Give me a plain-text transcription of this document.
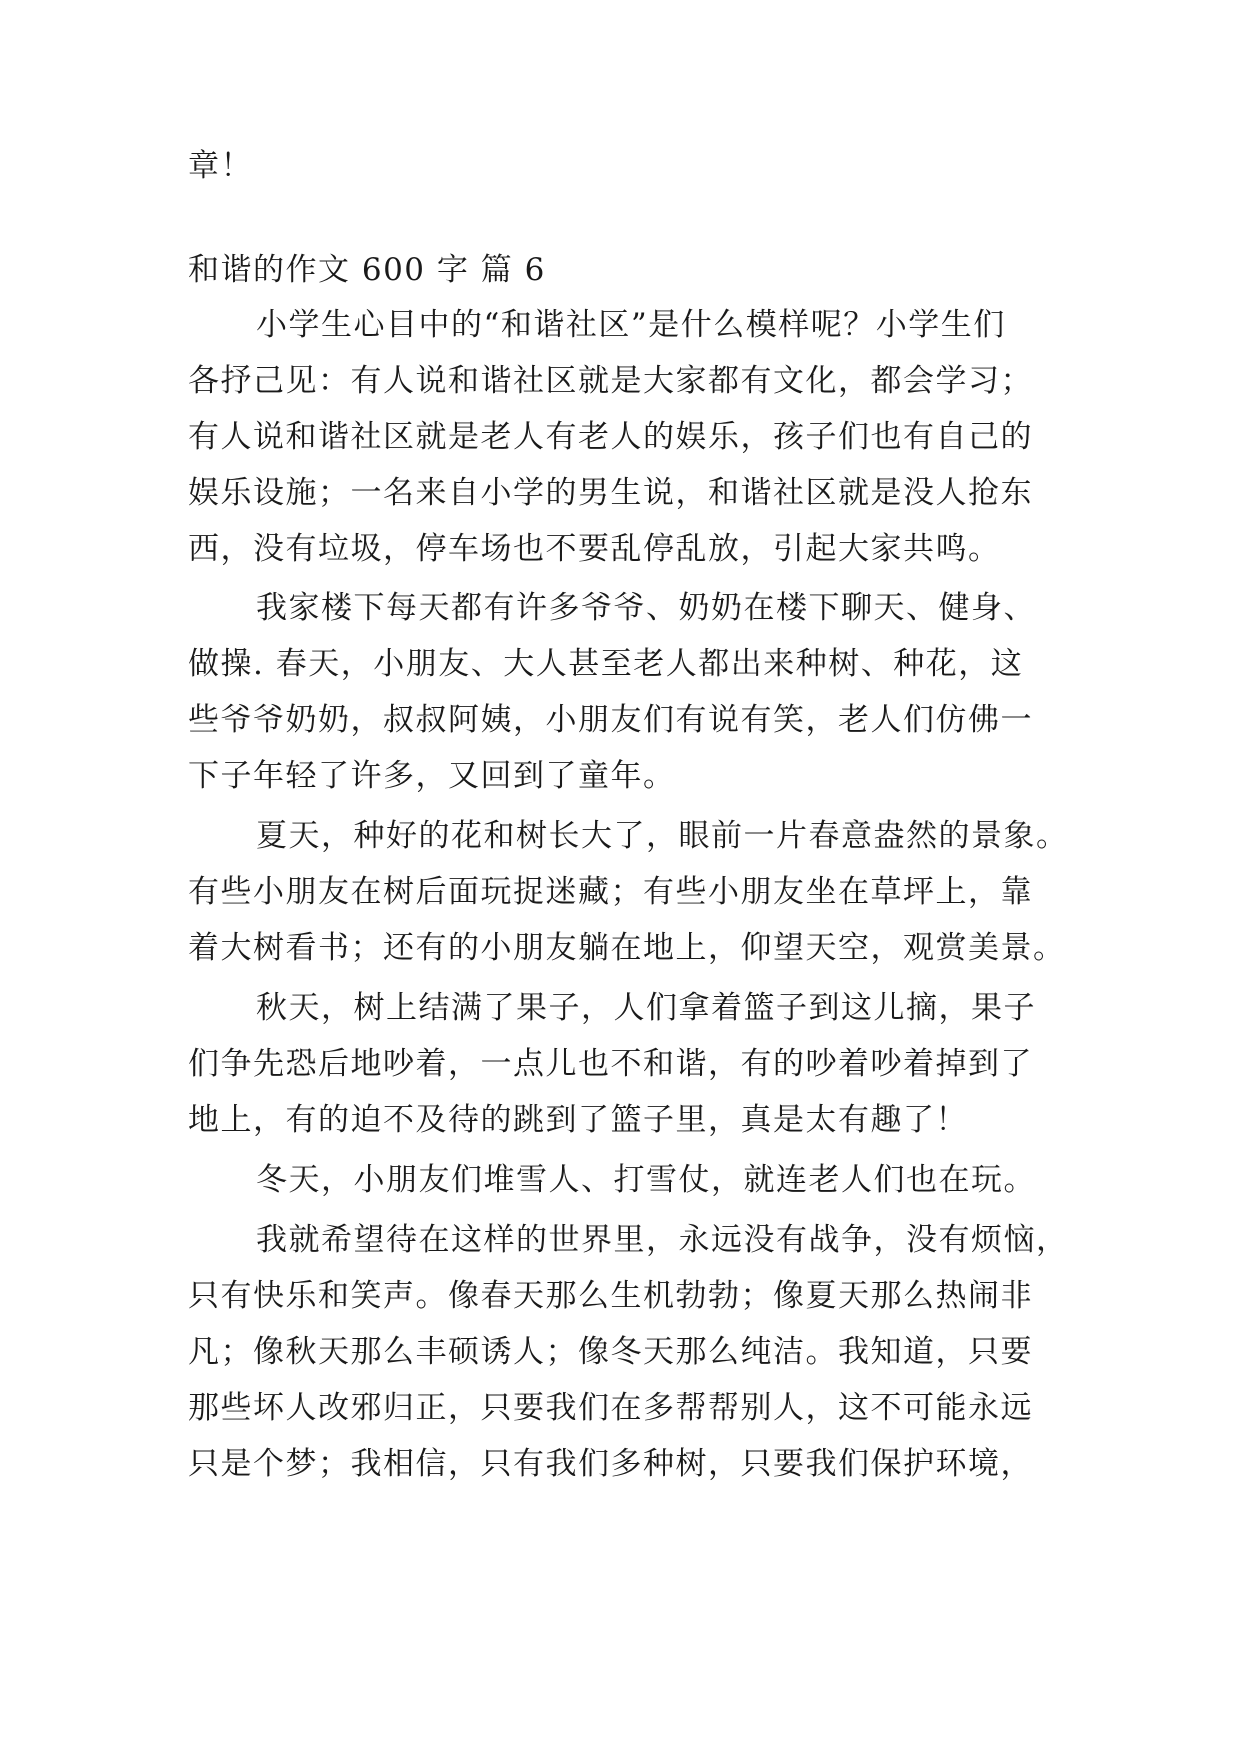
章！
和谐的作文 600 字 篇 6
小学生心目中的“和谐社区”是什么模样呢？小学生们
各抒己见：有人说和谐社区就是大家都有文化，都会学习；
有人说和谐社区就是老人有老人的娱乐，孩子们也有自己的
娱乐设施；一名来自小学的男生说，和谐社区就是没人抢东
西，没有垃圾，停车场也不要乱停乱放，引起大家共鸣。
我家楼下每天都有许多爷爷、奶奶在楼下聊天、健身、
做操. 春天，小朋友、大人甚至老人都出来种树、种花，这
些爷爷奶奶，叔叔阿姨，小朋友们有说有笑，老人们仿佛一
下子年轻了许多，又回到了童年。
夏天，种好的花和树长大了，眼前一片春意盎然的景象。
有些小朋友在树后面玩捉迷藏；有些小朋友坐在草坪上，靠
着大树看书；还有的小朋友躺在地上，仰望天空，观赏美景。
秋天，树上结满了果子，人们拿着篮子到这儿摘，果子
们争先恐后地吵着，一点儿也不和谐，有的吵着吵着掉到了
地上，有的迫不及待的跳到了篮子里，真是太有趣了！
冬天，小朋友们堆雪人、打雪仗，就连老人们也在玩。
我就希望待在这样的世界里，永远没有战争，没有烦恼，
只有快乐和笑声。像春天那么生机勃勃；像夏天那么热闹非
凡；像秋天那么丰硕诱人；像冬天那么纯洁。我知道，只要
那些坏人改邪归正，只要我们在多帮帮别人，这不可能永远
只是个梦；我相信，只有我们多种树，只要我们保护环境，
